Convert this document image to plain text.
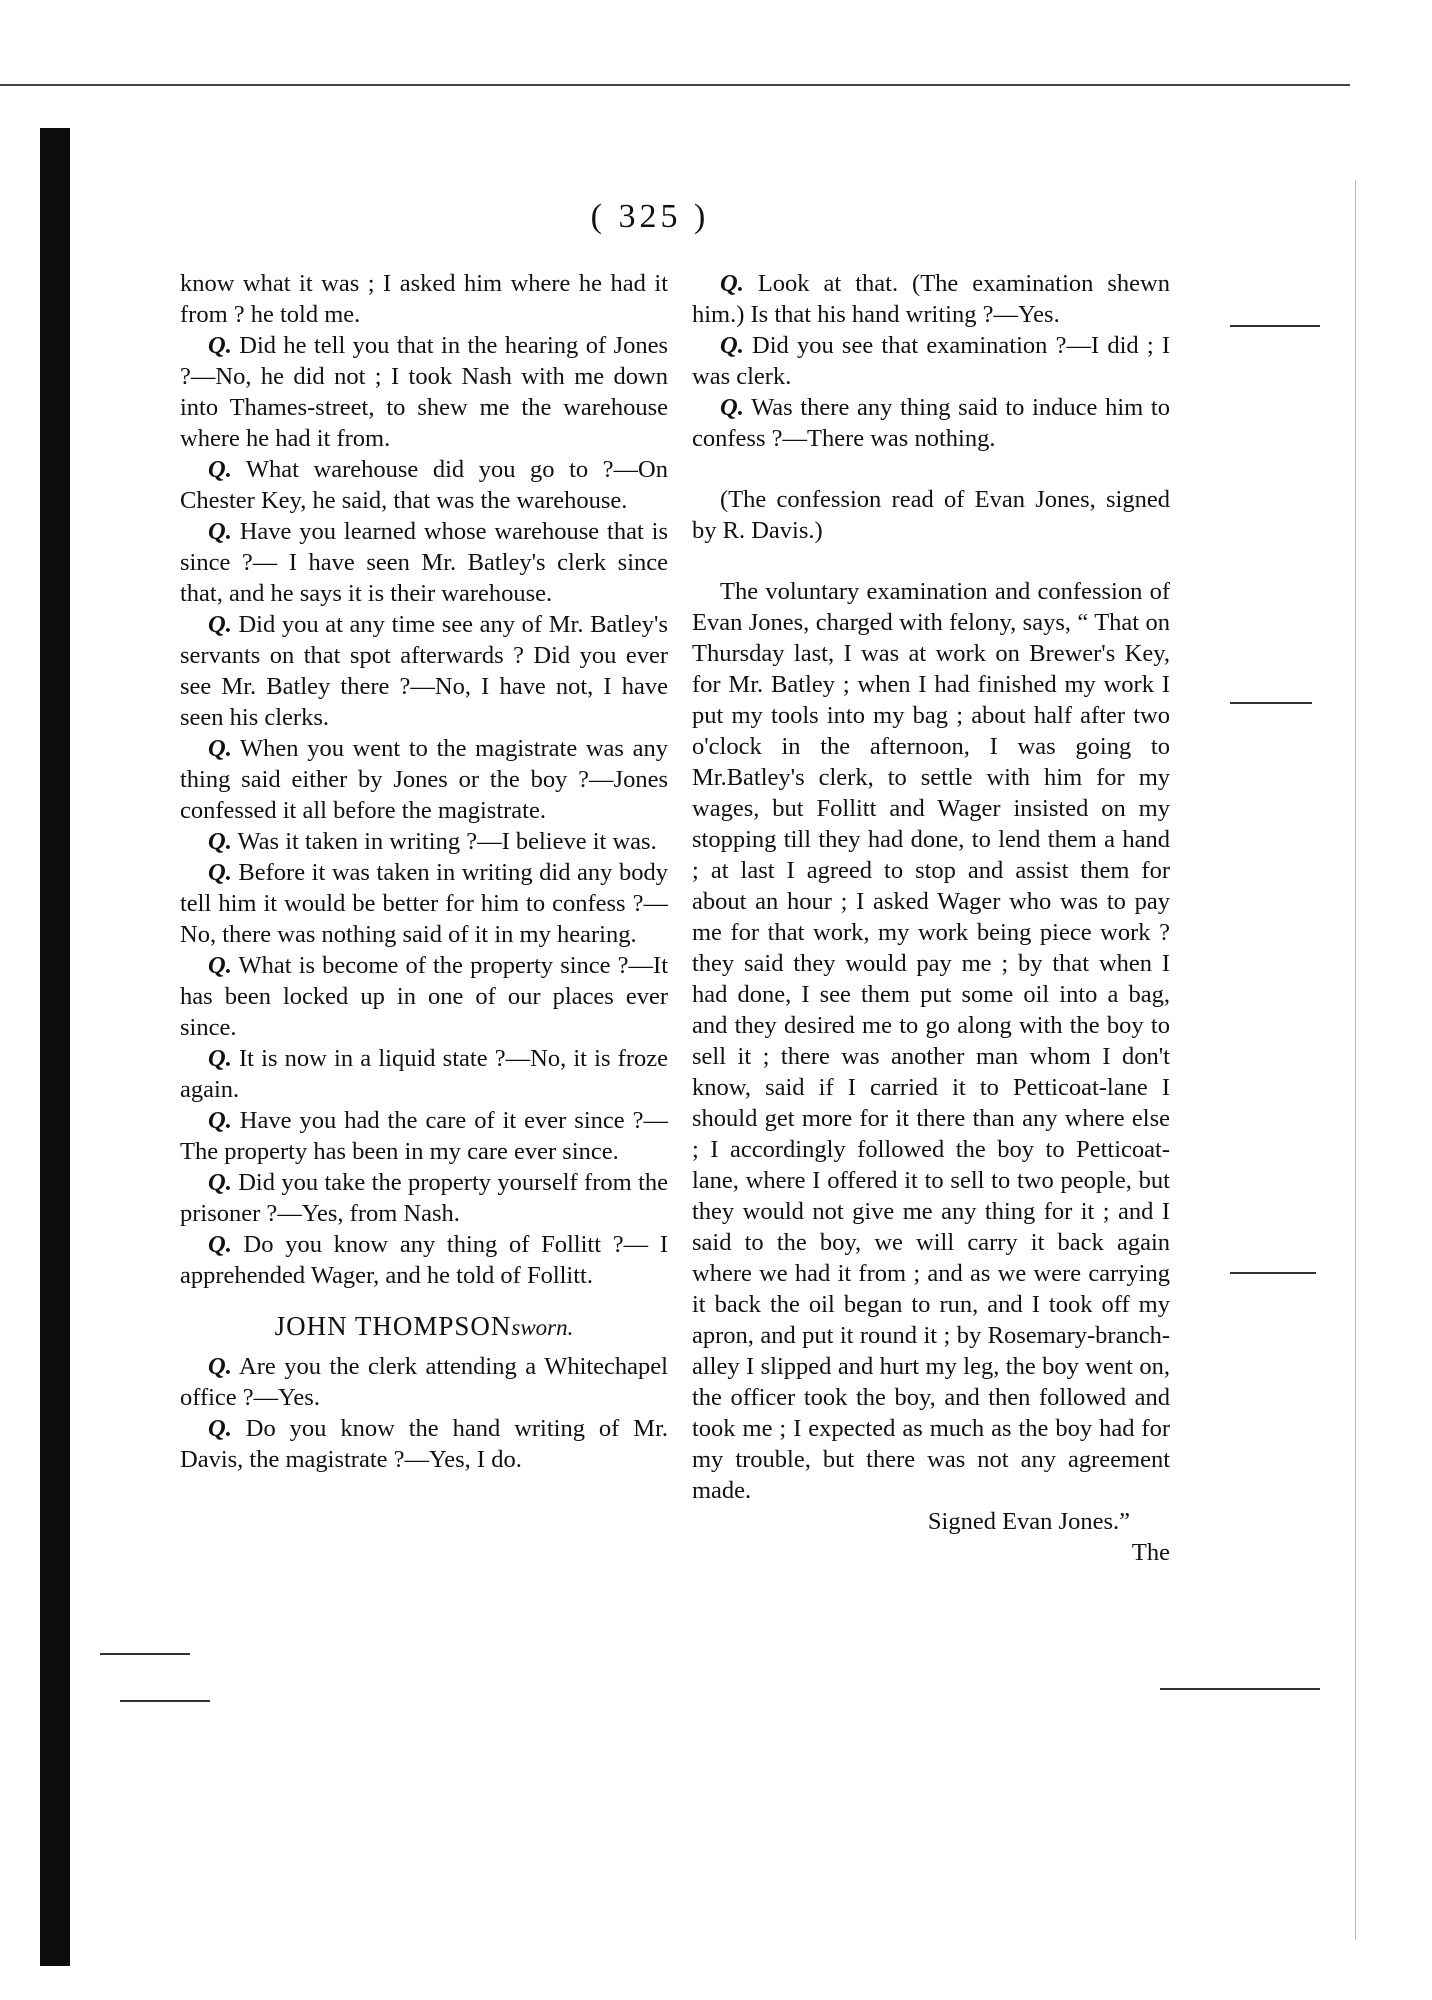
( 325 )

know what it was ; I asked him where he had it from ? he told me.

Q. Did he tell you that in the hearing of Jones ?—No, he did not ; I took Nash with me down into Thames-street, to shew me the warehouse where he had it from.

Q. What warehouse did you go to ?—On Chester Key, he said, that was the warehouse.

Q. Have you learned whose warehouse that is since ?— I have seen Mr. Batley's clerk since that, and he says it is their warehouse.

Q. Did you at any time see any of Mr. Batley's servants on that spot afterwards ? Did you ever see Mr. Batley there ?—No, I have not, I have seen his clerks.

Q. When you went to the magistrate was any thing said either by Jones or the boy ?—Jones confessed it all before the magistrate.

Q. Was it taken in writing ?—I believe it was.

Q. Before it was taken in writing did any body tell him it would be better for him to confess ?—No, there was nothing said of it in my hearing.

Q. What is become of the property since ?—It has been locked up in one of our places ever since.

Q. It is now in a liquid state ?—No, it is froze again.

Q. Have you had the care of it ever since ?—The property has been in my care ever since.

Q. Did you take the property yourself from the prisoner ?—Yes, from Nash.

Q. Do you know any thing of Follitt ?— I apprehended Wager, and he told of Follitt.

JOHN THOMPSONsworn.

Q. Are you the clerk attending a Whitechapel office ?—Yes.

Q. Do you know the hand writing of Mr. Davis, the magistrate ?—Yes, I do.

Q. Look at that. (The examination shewn him.) Is that his hand writing ?—Yes.

Q. Did you see that examination ?—I did ; I was clerk.

Q. Was there any thing said to induce him to confess ?—There was nothing.

(The confession read of Evan Jones, signed by R. Davis.)

The voluntary examination and confession of Evan Jones, charged with felony, says, “ That on Thursday last, I was at work on Brewer's Key, for Mr. Batley ; when I had finished my work I put my tools into my bag ; about half after two o'clock in the afternoon, I was going to Mr.Batley's clerk, to settle with him for my wages, but Follitt and Wager insisted on my stopping till they had done, to lend them a hand ; at last I agreed to stop and assist them for about an hour ; I asked Wager who was to pay me for that work, my work being piece work ? they said they would pay me ; by that when I had done, I see them put some oil into a bag, and they desired me to go along with the boy to sell it ; there was another man whom I don't know, said if I carried it to Petticoat-lane I should get more for it there than any where else ; I accordingly followed the boy to Petticoat-lane, where I offered it to sell to two people, but they would not give me any thing for it ; and I said to the boy, we will carry it back again where we had it from ; and as we were carrying it back the oil began to run, and I took off my apron, and put it round it ; by Rosemary-branch-alley I slipped and hurt my leg, the boy went on, the officer took the boy, and then followed and took me ; I expected as much as the boy had for my trouble, but there was not any agreement made.

Signed Evan Jones.”

The
